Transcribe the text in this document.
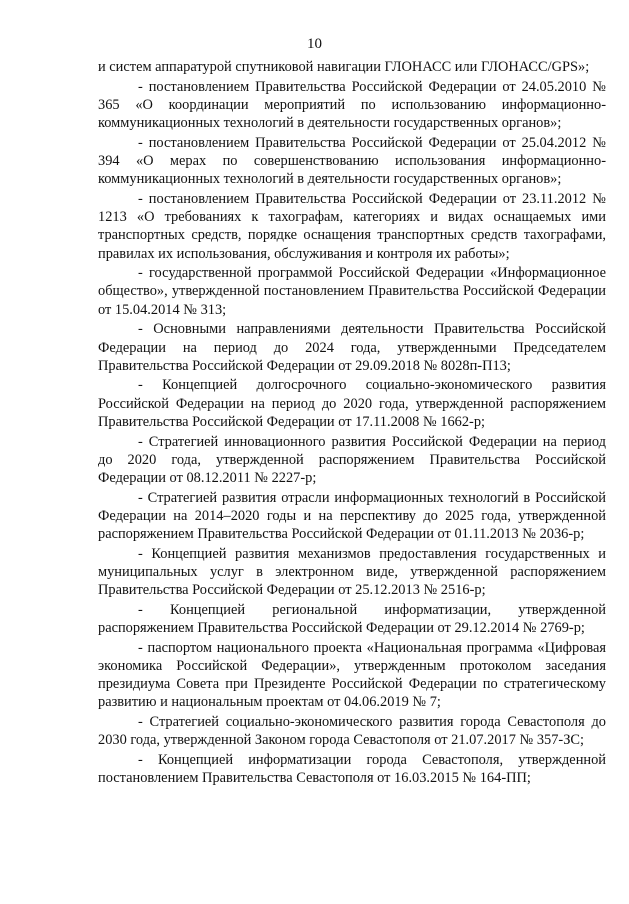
10

и систем аппаратурой спутниковой навигации ГЛОНАСС или ГЛОНАСС/GPS»;

- постановлением Правительства Российской Федерации от 24.05.2010 № 365 «О координации мероприятий по использованию информационно-коммуникационных технологий в деятельности государственных органов»;

- постановлением Правительства Российской Федерации от 25.04.2012 № 394 «О мерах по совершенствованию использования информационно-коммуникационных технологий в деятельности государственных органов»;

- постановлением Правительства Российской Федерации от 23.11.2012 № 1213 «О требованиях к тахографам, категориях и видах оснащаемых ими транспортных средств, порядке оснащения транспортных средств тахографами, правилах их использования, обслуживания и контроля их работы»;

- государственной программой Российской Федерации «Информационное общество», утвержденной постановлением Правительства Российской Федерации от 15.04.2014 № 313;

- Основными направлениями деятельности Правительства Российской Федерации на период до 2024 года, утвержденными Председателем Правительства Российской Федерации от 29.09.2018 № 8028п-П13;

- Концепцией долгосрочного социально-экономического развития Российской Федерации на период до 2020 года, утвержденной распоряжением Правительства Российской Федерации от 17.11.2008 № 1662-р;

- Стратегией инновационного развития Российской Федерации на период до 2020 года, утвержденной распоряжением Правительства Российской Федерации от 08.12.2011 № 2227-р;

- Стратегией развития отрасли информационных технологий в Российской Федерации на 2014–2020 годы и на перспективу до 2025 года, утвержденной распоряжением Правительства Российской Федерации от 01.11.2013 № 2036-р;

- Концепцией развития механизмов предоставления государственных и муниципальных услуг в электронном виде, утвержденной распоряжением Правительства Российской Федерации от 25.12.2013 № 2516-р;

- Концепцией региональной информатизации, утвержденной распоряжением Правительства Российской Федерации от 29.12.2014 № 2769-р;

- паспортом национального проекта «Национальная программа «Цифровая экономика Российской Федерации», утвержденным протоколом заседания президиума Совета при Президенте Российской Федерации по стратегическому развитию и национальным проектам от 04.06.2019 № 7;

- Стратегией социально-экономического развития города Севастополя до 2030 года, утвержденной Законом города Севастополя от 21.07.2017 № 357-ЗС;

- Концепцией информатизации города Севастополя, утвержденной постановлением Правительства Севастополя от 16.03.2015 № 164-ПП;
